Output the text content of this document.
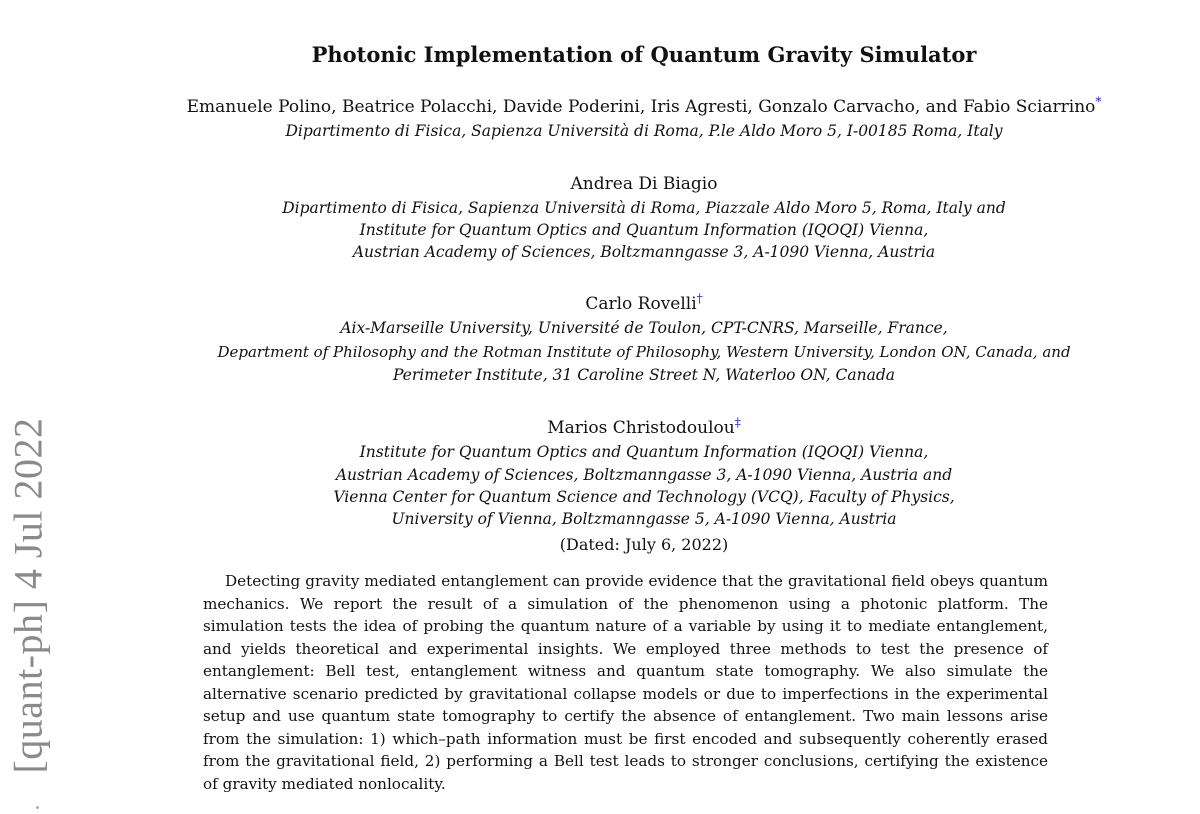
[quant-ph] 4 Jul 2022
Photonic Implementation of Quantum Gravity Simulator
Emanuele Polino, Beatrice Polacchi, Davide Poderini, Iris Agresti, Gonzalo Carvacho, and Fabio Sciarrino*
Dipartimento di Fisica, Sapienza Università di Roma, P.le Aldo Moro 5, I-00185 Roma, Italy
Andrea Di Biagio
Dipartimento di Fisica, Sapienza Università di Roma, Piazzale Aldo Moro 5, Roma, Italy and
Institute for Quantum Optics and Quantum Information (IQOQI) Vienna,
Austrian Academy of Sciences, Boltzmanngasse 3, A-1090 Vienna, Austria
Carlo Rovelli†
Aix-Marseille University, Université de Toulon, CPT-CNRS, Marseille, France,
Department of Philosophy and the Rotman Institute of Philosophy, Western University, London ON, Canada, and
Perimeter Institute, 31 Caroline Street N, Waterloo ON, Canada
Marios Christodoulou‡
Institute for Quantum Optics and Quantum Information (IQOQI) Vienna,
Austrian Academy of Sciences, Boltzmanngasse 3, A-1090 Vienna, Austria and
Vienna Center for Quantum Science and Technology (VCQ), Faculty of Physics,
University of Vienna, Boltzmanngasse 5, A-1090 Vienna, Austria
(Dated: July 6, 2022)

Detecting gravity mediated entanglement can provide evidence that the gravitational field obeys quantum mechanics. We report the result of a simulation of the phenomenon using a photonic platform. The simulation tests the idea of probing the quantum nature of a variable by using it to mediate entanglement, and yields theoretical and experimental insights. We employed three methods to test the presence of entanglement: Bell test, entanglement witness and quantum state tomography. We also simulate the alternative scenario predicted by gravitational collapse models or due to imperfections in the experimental setup and use quantum state tomography to certify the absence of entanglement. Two main lessons arise from the simulation: 1) which–path information must be first encoded and subsequently coherently erased from the gravitational field, 2) performing a Bell test leads to stronger conclusions, certifying the existence of gravity mediated nonlocality.
